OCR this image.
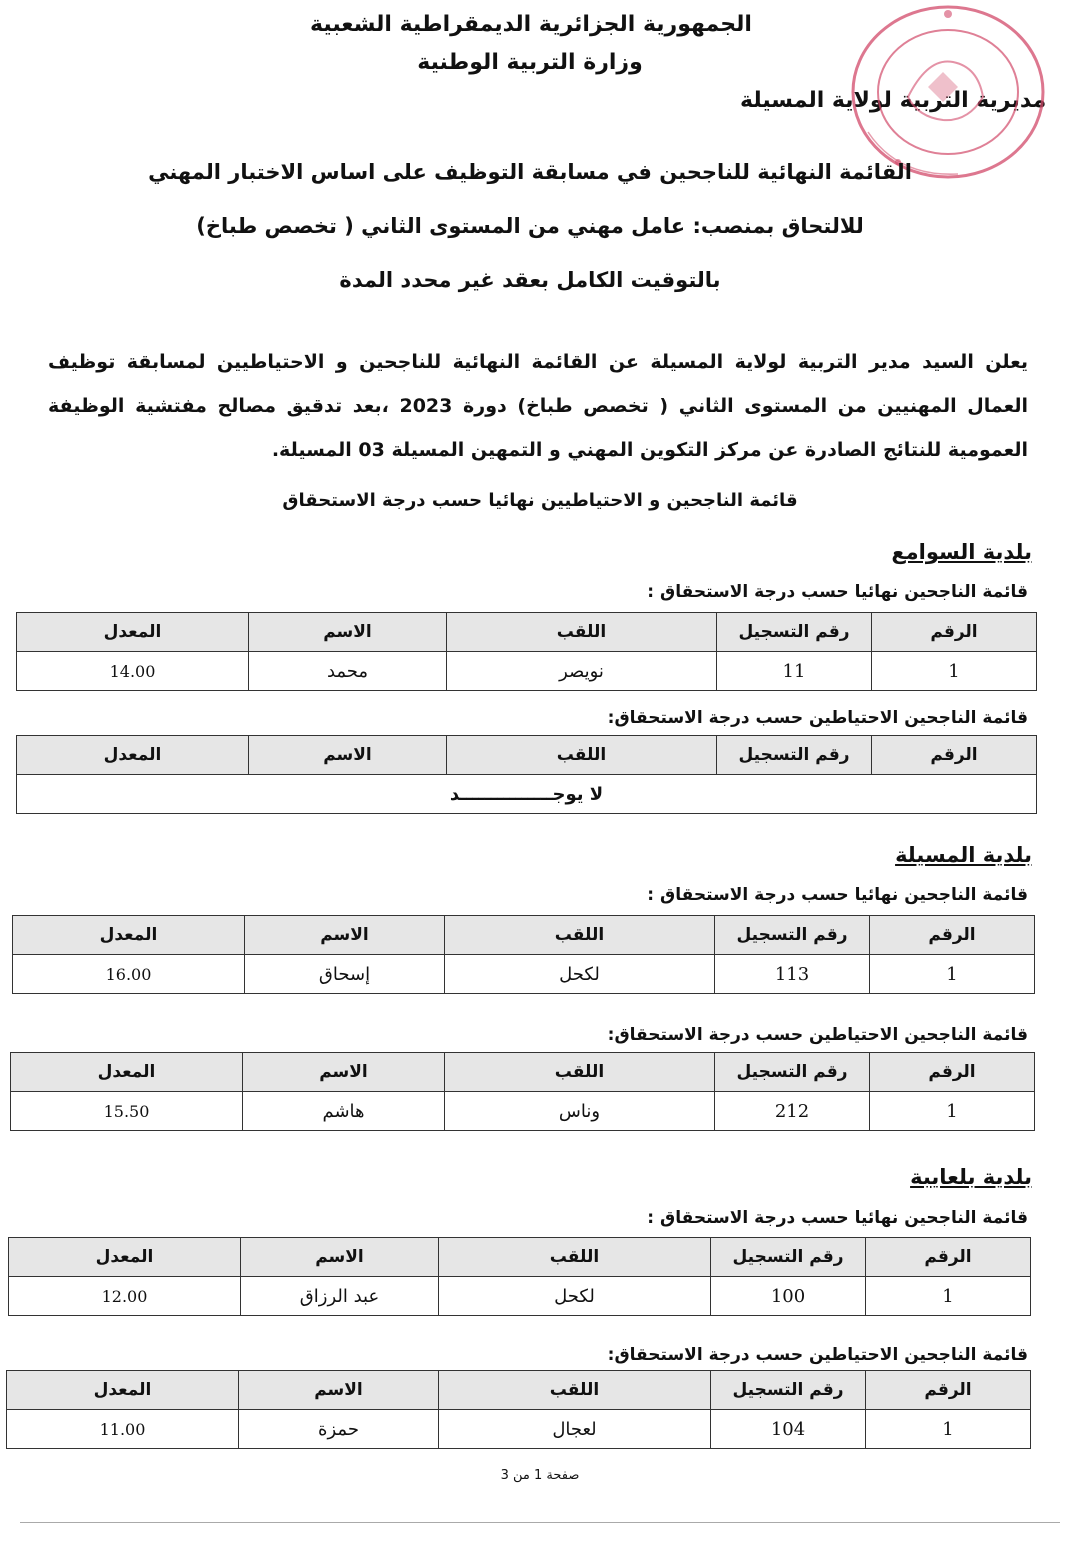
الجمهورية الجزائرية الديمقراطية الشعبية
وزارة التربية الوطنية
مديرية التربية لولاية المسيلة
القائمة النهائية للناجحين في مسابقة التوظيف على اساس الاختبار المهني
للالتحاق بمنصب: عامل مهني من المستوى الثاني ( تخصص طباخ)
بالتوقيت الكامل بعقد غير محدد المدة

يعلن السيد مدير التربية لولاية المسيلة عن القائمة النهائية للناجحين و الاحتياطيين لمسابقة توظيف العمال المهنيين من المستوى الثاني ( تخصص طباخ) دورة 2023 ،بعد تدقيق مصالح مفتشية الوظيفة العمومية للنتائج الصادرة عن مركز التكوين المهني و التمهين المسيلة 03 المسيلة.

قائمة الناجحين و الاحتياطيين نهائيا حسب درجة الاستحقاق
بلدية السوامع
قائمة الناجحين نهائيا حسب درجة الاستحقاق :
الرقم	رقم التسجيل	اللقب	الاسم	المعدل
1	11	نويصر	محمد	14.00
قائمة الناجحين الاحتياطين حسب درجة الاستحقاق:
الرقم	رقم التسجيل	اللقب	الاسم	المعدل
لا يوجـــــــــــــــد
بلدية المسيلة
قائمة الناجحين نهائيا حسب درجة الاستحقاق :
الرقم	رقم التسجيل	اللقب	الاسم	المعدل
1	113	لكحل	إسحاق	16.00
قائمة الناجحين الاحتياطين حسب درجة الاستحقاق:
الرقم	رقم التسجيل	اللقب	الاسم	المعدل
1	212	وناس	هاشم	15.50
بلدية بلعايبة
قائمة الناجحين نهائيا حسب درجة الاستحقاق :
الرقم	رقم التسجيل	اللقب	الاسم	المعدل
1	100	لكحل	عبد الرزاق	12.00
قائمة الناجحين الاحتياطين حسب درجة الاستحقاق:
الرقم	رقم التسجيل	اللقب	الاسم	المعدل
1	104	لعجال	حمزة	11.00
صفحة 1 من 3
